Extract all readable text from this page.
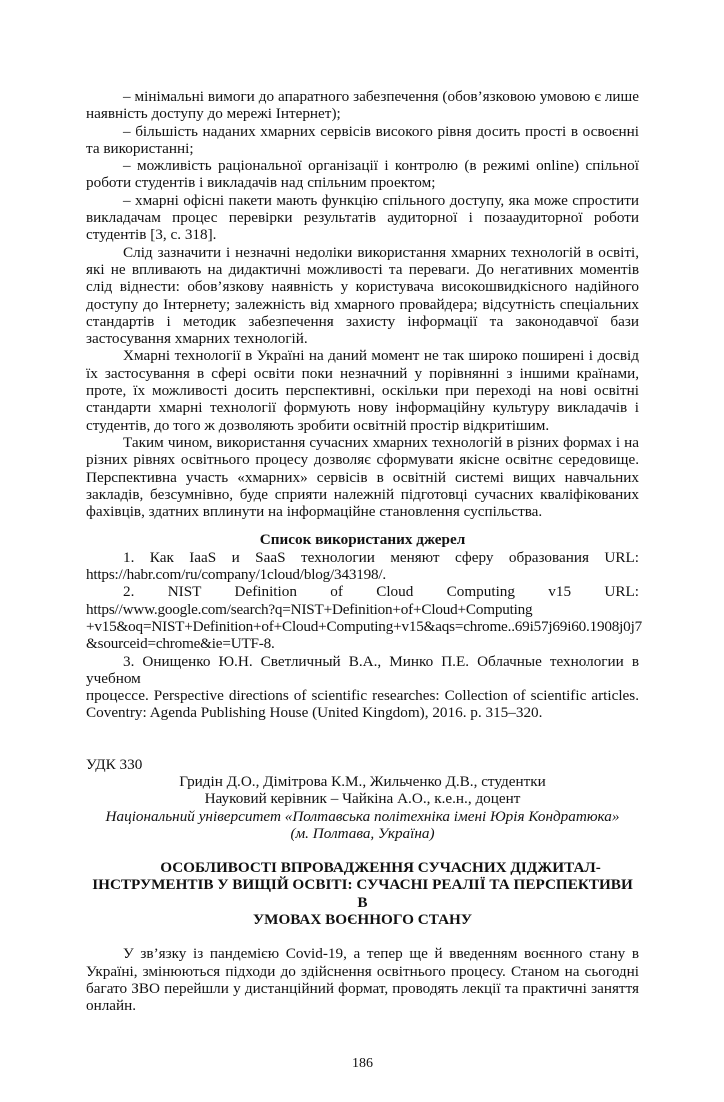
– мінімальні вимоги до апаратного забезпечення (обов’язковою умовою є лише наявність доступу до мережі Інтернет);

– більшість наданих хмарних сервісів високого рівня досить прості в освоєнні та використанні;

– можливість раціональної організації і контролю (в режимі online) спільної роботи студентів і викладачів над спільним проектом;

– хмарні офісні пакети мають функцію спільного доступу, яка може спростити викладачам процес перевірки результатів аудиторної і позааудиторної роботи студентів [3, с. 318].

Слід зазначити і незначні недоліки використання хмарних технологій в освіті, які не впливають на дидактичні можливості та переваги. До негативних моментів слід віднести: обов’язкову наявність у користувача високошвидкісного надійного доступу до Інтернету; залежність від хмарного провайдера; відсутність спеціальних стандартів і методик забезпечення захисту інформації та законодавчої бази застосування хмарних технологій.

Хмарні технології в Україні на даний момент не так широко поширені і досвід їх застосування в сфері освіти поки незначний у порівнянні з іншими країнами, проте, їх можливості досить перспективні, оскільки при переході на нові освітні стандарти хмарні технології формують нову інформаційну культуру викладачів і студентів, до того ж дозволяють зробити освітній простір відкритішим.

Таким чином, використання сучасних хмарних технологій в різних формах і на різних рівнях освітнього процесу дозволяє сформувати якісне освітнє середовище. Перспективна участь «хмарних» сервісів в освітній системі вищих навчальних закладів, безсумнівно, буде сприяти належній підготовці сучасних кваліфікованих фахівців, здатних вплинути на інформаційне становлення суспільства.

Список використаних джерел
1. Как IaaS и SaaS технологии меняют сферу образования URL:
https://habr.com/ru/company/1cloud/blog/343198/.
2. NIST Definition of Cloud Computing v15 URL:
https//www.google.com/search?q=NIST+Definition+of+Cloud+Computing
+v15&oq=NIST+Definition+of+Cloud+Computing+v15&aqs=chrome..69i57j69i60.1908j0j7
&sourceid=chrome&ie=UTF-8.
3. Онищенко Ю.Н. Светличный В.А., Минко П.Е. Облачные технологии в учебном
процессе. Perspective directions of scientific researches: Collection of scientific articles.
Coventry: Agenda Publishing House (United Kingdom), 2016. p. 315–320.
УДК 330
Гридін Д.О., Дімітрова К.М., Жильченко Д.В., студентки
Науковий керівник – Чайкіна А.О., к.е.н., доцент
Національний університет «Полтавська політехніка імені Юрія Кондратюка»
(м. Полтава, Україна)
ОСОБЛИВОСТІ ВПРОВАДЖЕННЯ СУЧАСНИХ ДІДЖИТАЛ-
ІНСТРУМЕНТІВ У ВИЩІЙ ОСВІТІ: СУЧАСНІ РЕАЛІЇ ТА ПЕРСПЕКТИВИ В
УМОВАХ ВОЄННОГО СТАНУ

У зв’язку із пандемією Covid-19, а тепер ще й введенням воєнного стану в Україні, змінюються підходи до здійснення освітнього процесу. Станом на сьогодні багато ЗВО перейшли у дистанційний формат, проводять лекції та практичні заняття онлайн.

186
